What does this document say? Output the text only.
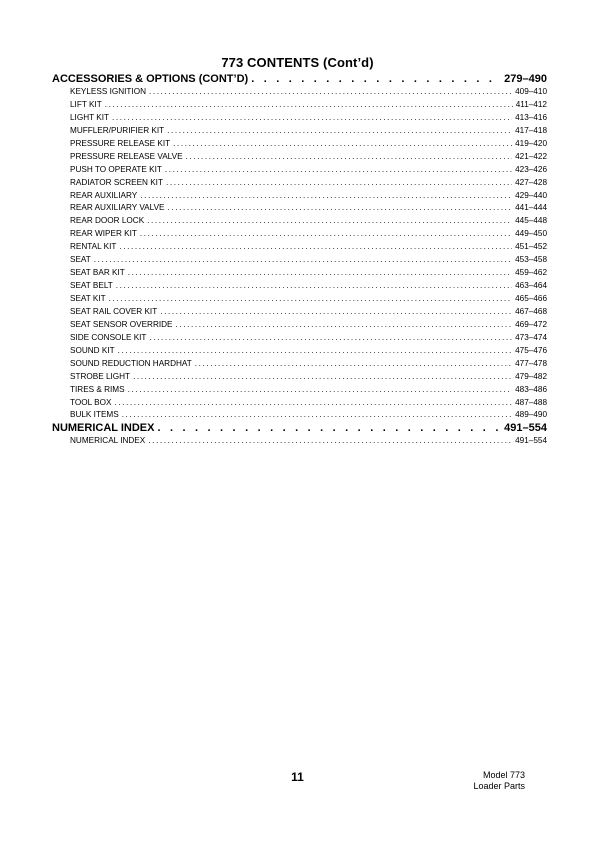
773 CONTENTS (Cont’d)
ACCESSORIES & OPTIONS (CONT’D) . . .	279–490
KEYLESS IGNITION .....	409–410
LIFT KIT .....	411–412
LIGHT KIT .....	413–416
MUFFLER/PURIFIER KIT .....	417–418
PRESSURE RELEASE KIT .....	419–420
PRESSURE RELEASE VALVE .....	421–422
PUSH TO OPERATE KIT .....	423–426
RADIATOR SCREEN KIT .....	427–428
REAR AUXILIARY .....	429–440
REAR AUXILIARY VALVE .....	441–444
REAR DOOR LOCK .....	445–448
REAR WIPER KIT .....	449–450
RENTAL KIT .....	451–452
SEAT .....	453–458
SEAT BAR KIT .....	459–462
SEAT BELT .....	463–464
SEAT KIT .....	465–466
SEAT RAIL COVER KIT .....	467–468
SEAT SENSOR OVERRIDE .....	469–472
SIDE CONSOLE KIT .....	473–474
SOUND KIT .....	475–476
SOUND REDUCTION HARDHAT .....	477–478
STROBE LIGHT .....	479–482
TIRES & RIMS .....	483–486
TOOL BOX .....	487–488
BULK ITEMS .....	489–490
NUMERICAL INDEX . . .	491–554
NUMERICAL INDEX .....	491–554
11	Model 773
Loader Parts
